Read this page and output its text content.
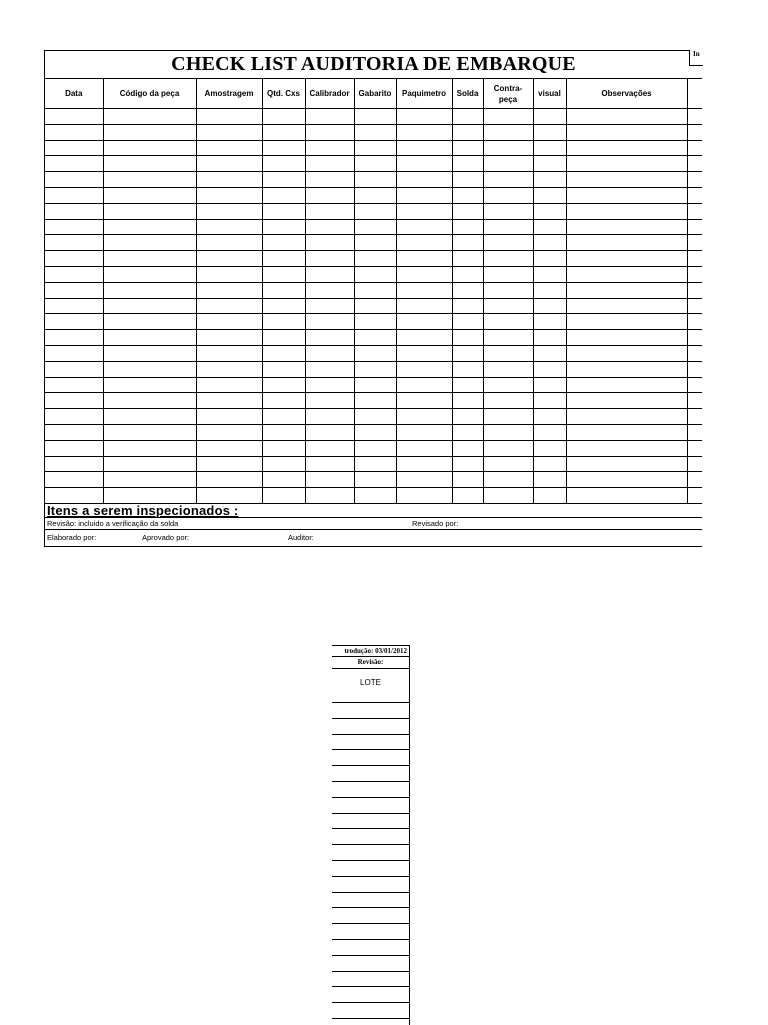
CHECK LIST AUDITORIA DE EMBARQUE	In
Data	Código da peça	Amostragem	Qtd. Cxs	Calibrador	Gabarito	Paquimetro	Solda	Contra-peça	visual	Observações	

Itens a serem inspecionados :
Revisão: incluido a verificação da solda	Revisado por:
Elaborado por:	Aprovado por:	Auditor:
trodução: 03/01/2012
Revisão:
LOTE
